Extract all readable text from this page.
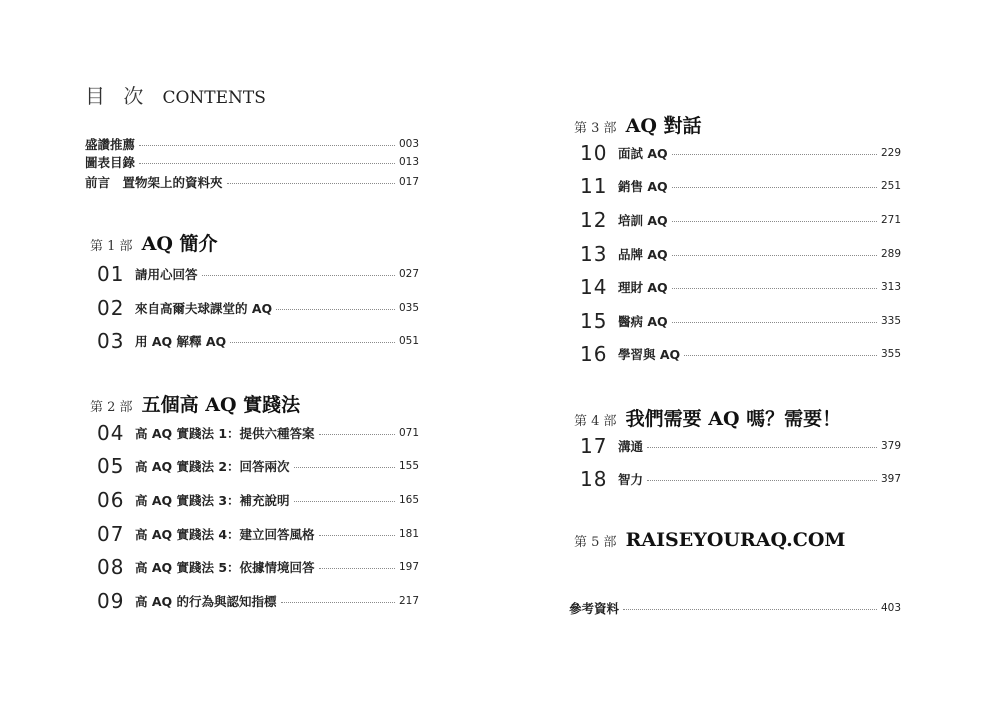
目 次 CONTENTS
盛讚推薦	003
圖表目錄	013
前言　置物架上的資料夾	017
第 1 部 AQ 簡介
01 請用心回答	027
02 來自高爾夫球課堂的 AQ	035
03 用 AQ 解釋 AQ	051
第 2 部 五個高 AQ 實踐法
04 高 AQ 實踐法 1：提供六種答案	071
05 高 AQ 實踐法 2：回答兩次	155
06 高 AQ 實踐法 3：補充說明	165
07 高 AQ 實踐法 4：建立回答風格	181
08 高 AQ 實踐法 5：依據情境回答	197
09 高 AQ 的行為與認知指標	217
第 3 部 AQ 對話
10 面試 AQ	229
11 銷售 AQ	251
12 培訓 AQ	271
13 品牌 AQ	289
14 理財 AQ	313
15 醫病 AQ	335
16 學習與 AQ	355
第 4 部 我們需要 AQ 嗎？需要！
17 溝通	379
18 智力	397
第 5 部 RAISEYOURAQ.COM
參考資料	403
